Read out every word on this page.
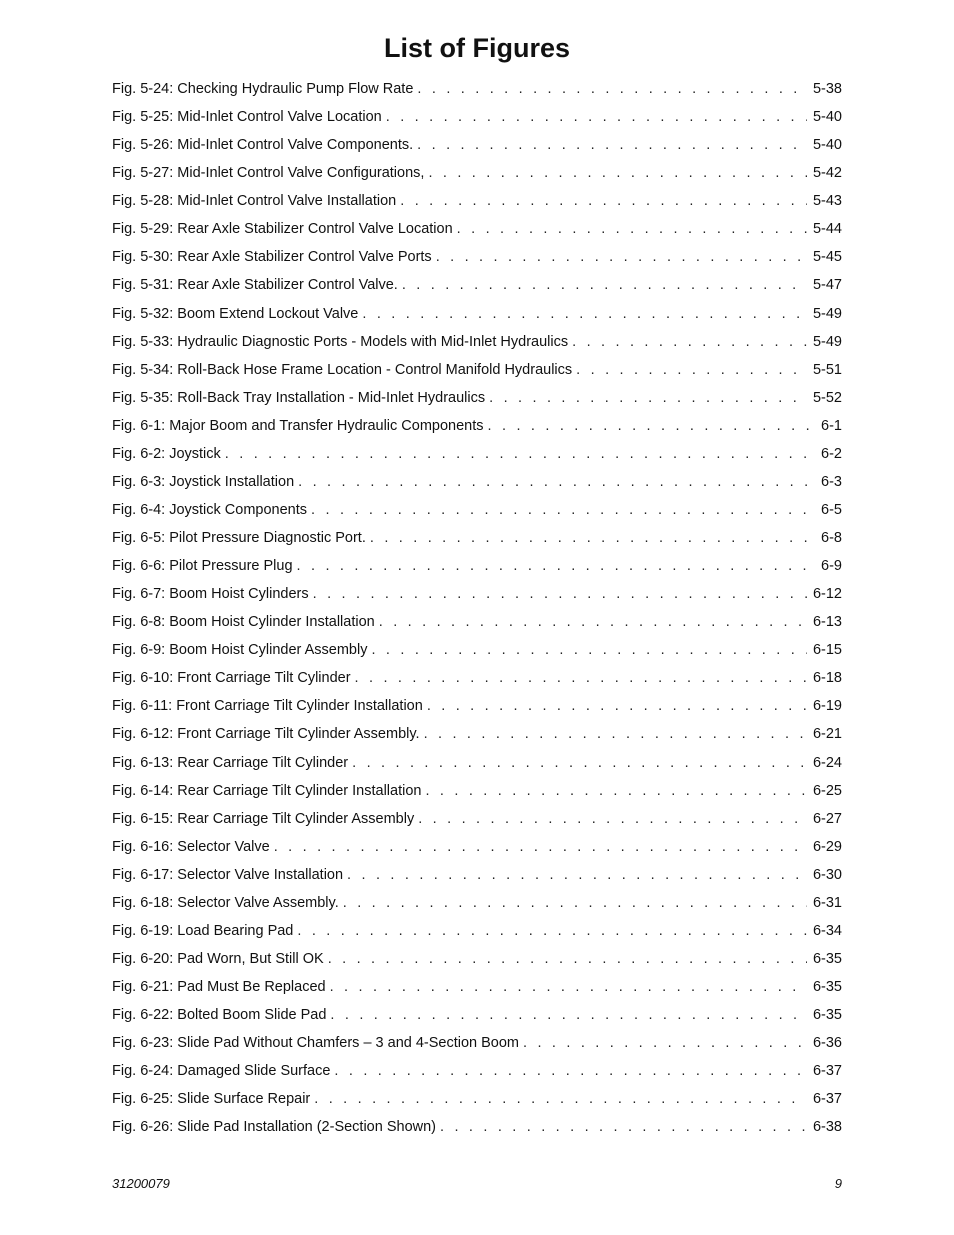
List of Figures
Fig. 5-24: Checking Hydraulic Pump Flow Rate . . .	5-38
Fig. 5-25: Mid-Inlet Control Valve Location . . .	5-40
Fig. 5-26: Mid-Inlet Control Valve Components. . . .	5-40
Fig. 5-27: Mid-Inlet Control Valve Configurations, . . .	5-42
Fig. 5-28: Mid-Inlet Control Valve Installation . . .	5-43
Fig. 5-29: Rear Axle Stabilizer Control Valve Location . . .	5-44
Fig. 5-30: Rear Axle Stabilizer Control Valve Ports . . .	5-45
Fig. 5-31: Rear Axle Stabilizer Control Valve. . . .	5-47
Fig. 5-32: Boom Extend Lockout Valve . . .	5-49
Fig. 5-33: Hydraulic Diagnostic Ports - Models with Mid-Inlet Hydraulics . . .	5-49
Fig. 5-34: Roll-Back Hose Frame Location - Control Manifold Hydraulics . . .	5-51
Fig. 5-35: Roll-Back Tray Installation - Mid-Inlet Hydraulics . . .	5-52
Fig. 6-1: Major Boom and Transfer Hydraulic Components . . .	6-1
Fig. 6-2: Joystick . . .	6-2
Fig. 6-3: Joystick Installation . . .	6-3
Fig. 6-4: Joystick Components . . .	6-5
Fig. 6-5: Pilot Pressure Diagnostic Port. . . .	6-8
Fig. 6-6: Pilot Pressure Plug . . .	6-9
Fig. 6-7: Boom Hoist Cylinders . . .	6-12
Fig. 6-8: Boom Hoist Cylinder Installation . . .	6-13
Fig. 6-9: Boom Hoist Cylinder Assembly . . .	6-15
Fig. 6-10: Front Carriage Tilt Cylinder . . .	6-18
Fig. 6-11: Front Carriage Tilt Cylinder Installation . . .	6-19
Fig. 6-12: Front Carriage Tilt Cylinder Assembly. . . .	6-21
Fig. 6-13: Rear Carriage Tilt Cylinder . . .	6-24
Fig. 6-14: Rear Carriage Tilt Cylinder Installation . . .	6-25
Fig. 6-15: Rear Carriage Tilt Cylinder Assembly . . .	6-27
Fig. 6-16: Selector Valve . . .	6-29
Fig. 6-17: Selector Valve Installation . . .	6-30
Fig. 6-18: Selector Valve Assembly. . . .	6-31
Fig. 6-19: Load Bearing Pad . . .	6-34
Fig. 6-20: Pad Worn, But Still OK . . .	6-35
Fig. 6-21: Pad Must Be Replaced . . .	6-35
Fig. 6-22: Bolted Boom Slide Pad . . .	6-35
Fig. 6-23: Slide Pad Without Chamfers – 3 and 4-Section Boom . . .	6-36
Fig. 6-24: Damaged Slide Surface . . .	6-37
Fig. 6-25: Slide Surface Repair . . .	6-37
Fig. 6-26: Slide Pad Installation (2-Section Shown) . . .	6-38
31200079	9
